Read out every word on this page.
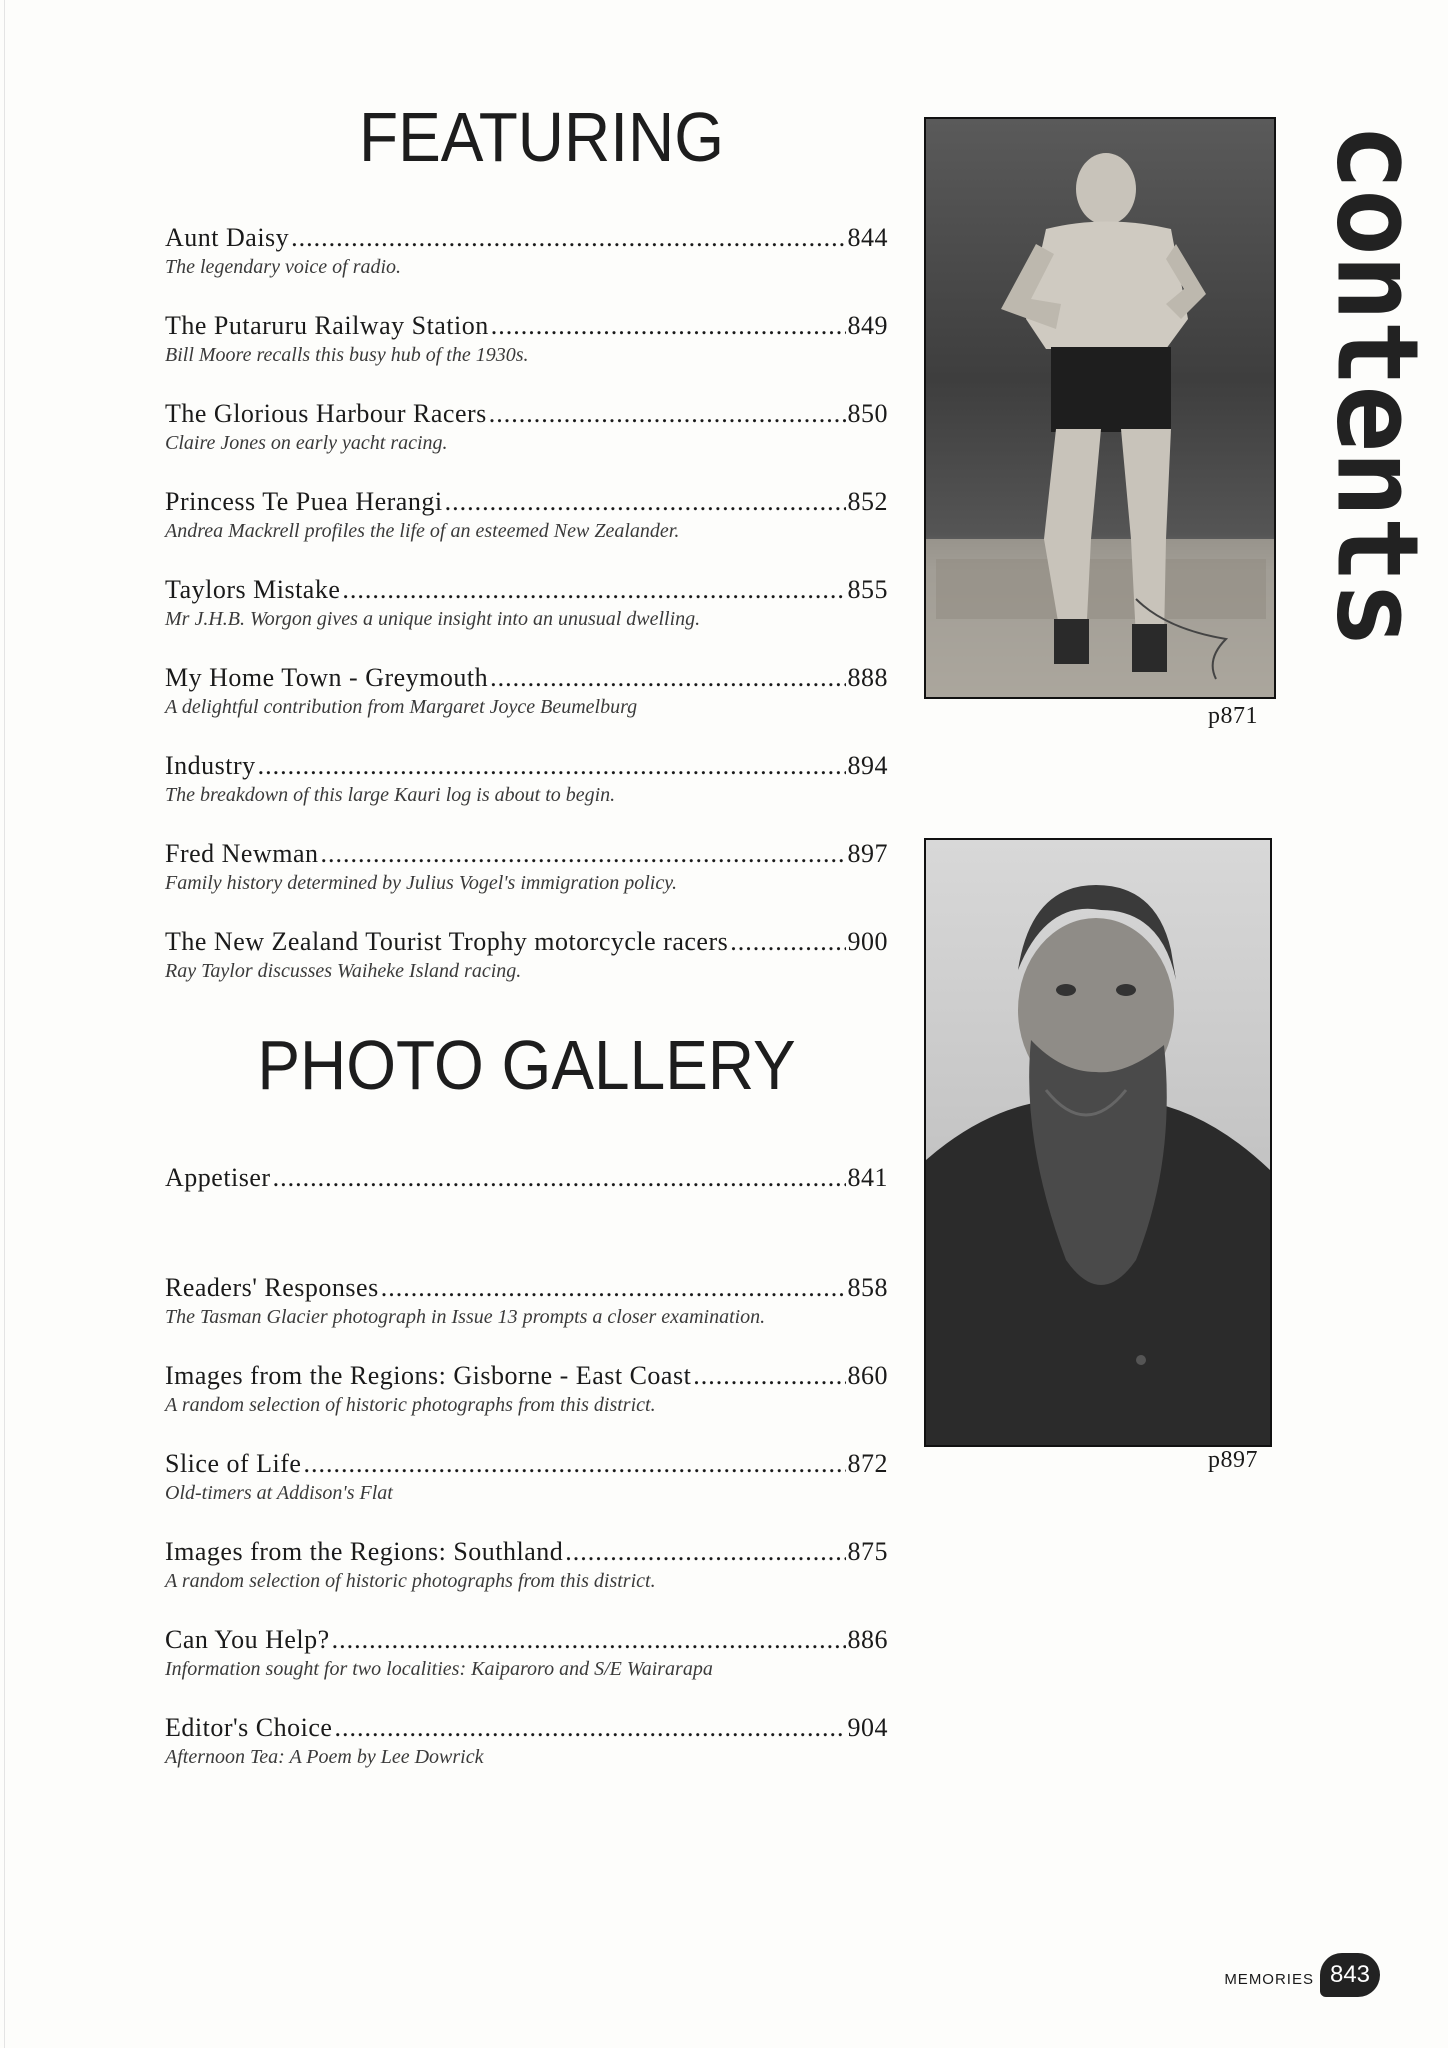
FEATURING
Aunt Daisy .....	844
The legendary voice of radio.
The Putaruru Railway Station .....	849
Bill Moore recalls this busy hub of the 1930s.
The Glorious Harbour Racers .....	850
Claire Jones on early yacht racing.
Princess Te Puea Herangi .....	852
Andrea Mackrell profiles the life of an esteemed New Zealander.
Taylors Mistake .....	855
Mr J.H.B. Worgon gives a unique insight into an unusual dwelling.
My Home Town - Greymouth .....	888
A delightful contribution from Margaret Joyce Beumelburg
Industry .....	894
The breakdown of this large Kauri log is about to begin.
Fred Newman .....	897
Family history determined by Julius Vogel's immigration policy.
The New Zealand Tourist Trophy motorcycle racers .....	900
Ray Taylor discusses Waiheke Island racing.
PHOTO GALLERY
Appetiser .....	841
Readers' Responses .....	858
The Tasman Glacier photograph in Issue 13 prompts a closer examination.
Images from the Regions: Gisborne - East Coast .....	860
A random selection of historic photographs from this district.
Slice of Life .....	872
Old-timers at Addison's Flat
Images from the Regions: Southland .....	875
A random selection of historic photographs from this district.
Can You Help? .....	886
Information sought for two localities: Kaiparoro and S/E Wairarapa
Editor's Choice .....	904
Afternoon Tea: A Poem by Lee Dowrick
p871
p897
contents
MEMORIES 843
